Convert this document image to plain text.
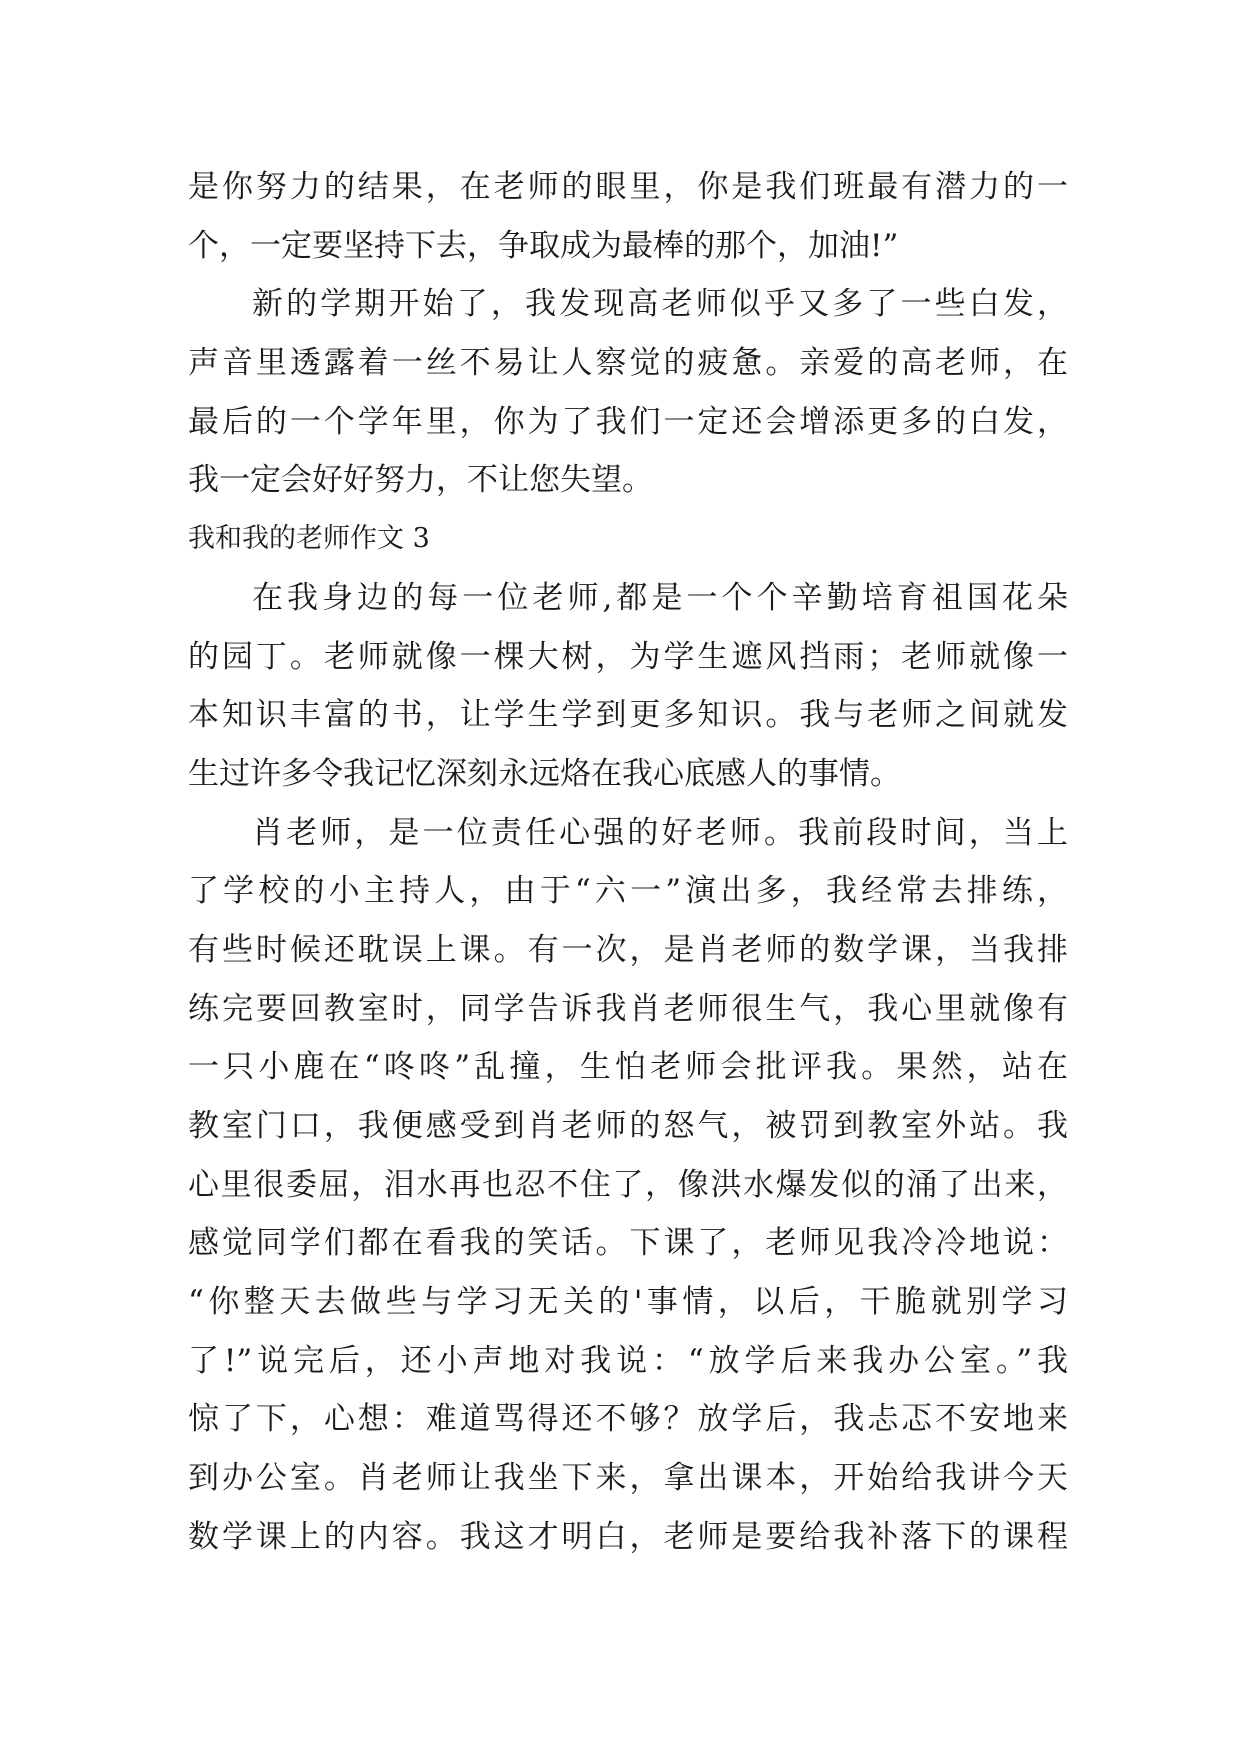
是你努力的结果，在老师的眼里，你是我们班最有潜力的一
个，一定要坚持下去，争取成为最棒的那个，加油!”
新的学期开始了，我发现高老师似乎又多了一些白发，
声音里透露着一丝不易让人察觉的疲惫。亲爱的高老师，在
最后的一个学年里，你为了我们一定还会增添更多的白发，
我一定会好好努力，不让您失望。
我和我的老师作文 3
在我身边的每一位老师,都是一个个辛勤培育祖国花朵
的园丁。老师就像一棵大树，为学生遮风挡雨；老师就像一
本知识丰富的书，让学生学到更多知识。我与老师之间就发
生过许多令我记忆深刻永远烙在我心底感人的事情。
肖老师，是一位责任心强的好老师。我前段时间，当上
了学校的小主持人，由于“六一”演出多，我经常去排练，
有些时候还耽误上课。有一次，是肖老师的数学课，当我排
练完要回教室时，同学告诉我肖老师很生气，我心里就像有
一只小鹿在“咚咚”乱撞，生怕老师会批评我。果然，站在
教室门口，我便感受到肖老师的怒气，被罚到教室外站。我
心里很委屈，泪水再也忍不住了，像洪水爆发似的涌了出来，
感觉同学们都在看我的笑话。下课了，老师见我冷冷地说：
“你整天去做些与学习无关的'事情，以后，干脆就别学习
了!”说完后，还小声地对我说：“放学后来我办公室。”我
惊了下，心想：难道骂得还不够？放学后，我忐忑不安地来
到办公室。肖老师让我坐下来，拿出课本，开始给我讲今天
数学课上的内容。我这才明白，老师是要给我补落下的课程
